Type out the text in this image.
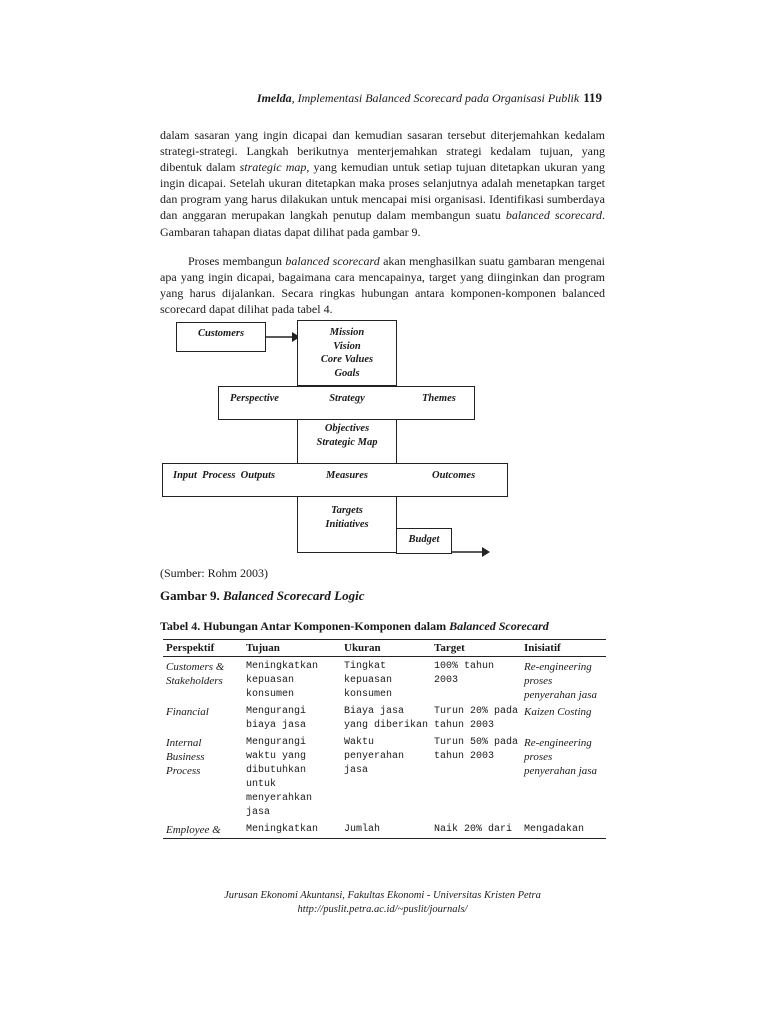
Imelda, Implementasi Balanced Scorecard pada Organisasi Publik 119
dalam sasaran yang ingin dicapai dan kemudian sasaran tersebut diterjemahkan kedalam strategi-strategi. Langkah berikutnya menterjemahkan strategi kedalam tujuan, yang dibentuk dalam strategic map, yang kemudian untuk setiap tujuan ditetapkan ukuran yang ingin dicapai. Setelah ukuran ditetapkan maka proses selanjutnya adalah menetapkan target dan program yang harus dilakukan untuk mencapai misi organisasi. Identifikasi sumberdaya dan anggaran merupakan langkah penutup dalam membangun suatu balanced scorecard. Gambaran tahapan diatas dapat dilihat pada gambar 9.
Proses membangun balanced scorecard akan menghasilkan suatu gambaran mengenai apa yang ingin dicapai, bagaimana cara mencapainya, target yang diinginkan dan program yang harus dijalankan. Secara ringkas hubungan antara komponen-komponen balanced scorecard dapat dilihat pada tabel 4.
Customers	Mission
Vision
Core Values
Goals
Perspective	Strategy	Themes
Objectives
Strategic Map
Input  Process  Outputs	Measures	Outcomes
Targets
Initiatives
Budget
(Sumber: Rohm 2003)
Gambar 9. Balanced Scorecard Logic
Tabel 4. Hubungan Antar Komponen-Komponen dalam Balanced Scorecard
Perspektif	Tujuan	Ukuran	Target	Inisiatif
Customers & Stakeholders	Meningkatkan kepuasan konsumen	Tingkat kepuasan konsumen	100% tahun 2003	Re-engineering proses penyerahan jasa
Financial	Mengurangi biaya jasa	Biaya jasa yang diberikan	Turun 20% pada tahun 2003	Kaizen Costing
Internal Business Process	Mengurangi waktu yang dibutuhkan untuk menyerahkan jasa	Waktu penyerahan jasa	Turun 50% pada tahun 2003	Re-engineering proses penyerahan jasa
Employee &	Meningkatkan	Jumlah	Naik 20% dari	Mengadakan
Jurusan Ekonomi Akuntansi, Fakultas Ekonomi - Universitas Kristen Petra
http://puslit.petra.ac.id/~puslit/journals/
